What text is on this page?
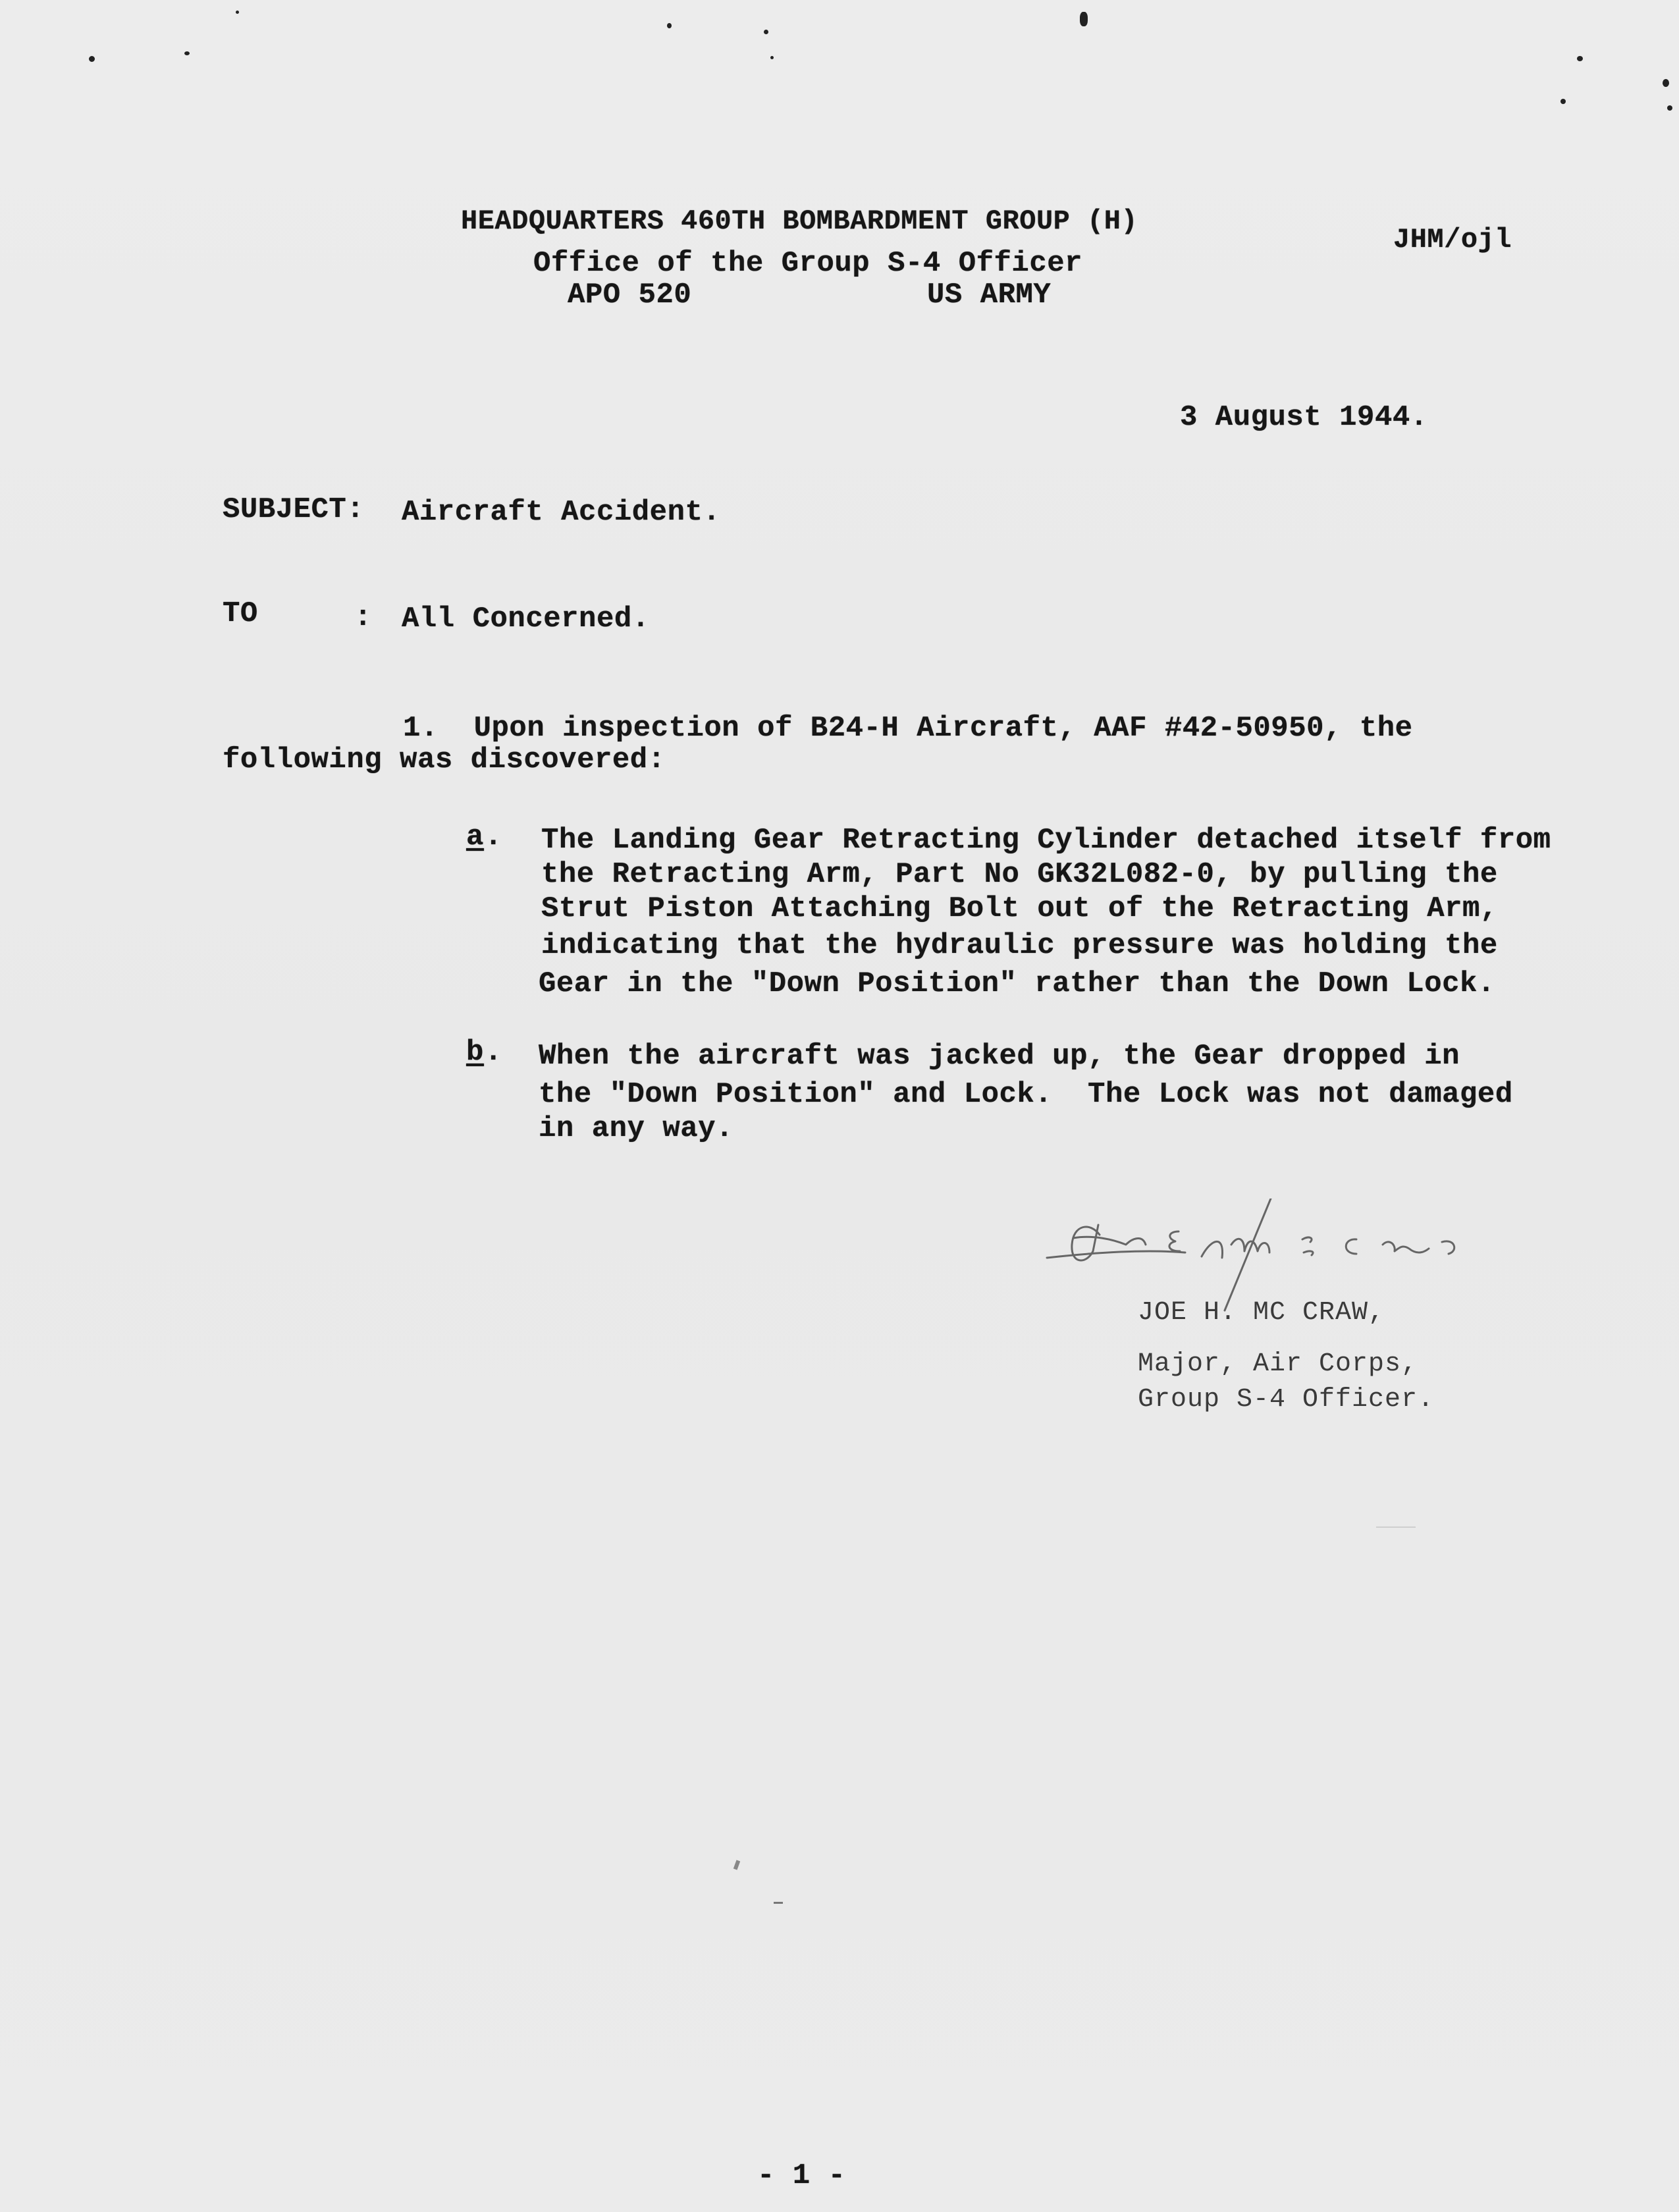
HEADQUARTERS 460TH BOMBARDMENT GROUP (H)
JHM/ojl
Office of the Group S-4 Officer
APO 520	US ARMY
3 August 1944.
SUBJECT: Aircraft Accident.
TO	: All Concerned.
1.  Upon inspection of B24-H Aircraft, AAF #42-50950, the
following was discovered:
a . The Landing Gear Retracting Cylinder detached itself from
the Retracting Arm, Part No GK32L082-0, by pulling the
Strut Piston Attaching Bolt out of the Retracting Arm,
indicating that the hydraulic pressure was holding the
Gear in the "Down Position" rather than the Down Lock.
b . When the aircraft was jacked up, the Gear dropped in
the "Down Position" and Lock.  The Lock was not damaged
in any way.
JOE H. MC CRAW,
Major, Air Corps,
Group S-4 Officer.
- 1 -
